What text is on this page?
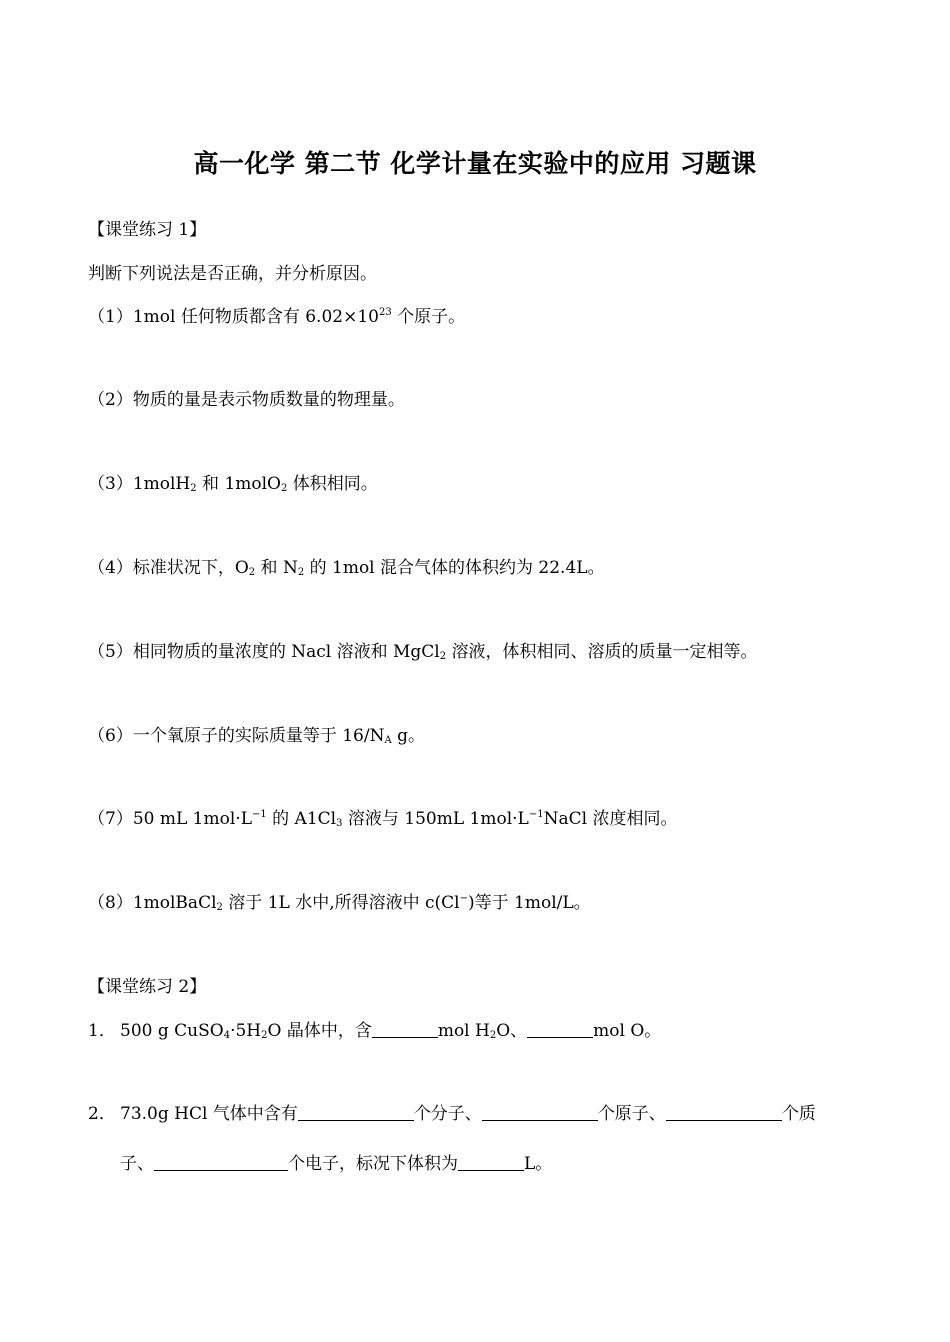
高一化学 第二节 化学计量在实验中的应用 习题课
【课堂练习 1】
判断下列说法是否正确，并分析原因。
（1）1mol 任何物质都含有 $6.02\times 10^{23}$ 个原子。
（2）物质的量是表示物质数量的物理量。
（3）1molH$_2$ 和 1molO$_2$ 体积相同。
（4）标准状况下，$O_2$ 和 $N_2$ 的 1mol 混合气体的体积约为 22.4L。
（5）相同物质的量浓度的 Nacl 溶液和 MgCl$_2$ 溶液，体积相同、溶质的质量一定相等。
（6）一个氧原子的实际质量等于 $16/N_A$ g。
（7）50 mL $1mol\cdot L^{-1}$ 的 $A1Cl_3$ 溶液与 150mL $1mol\cdot L^{-1}NaCl$ 浓度相同。
（8）1molBaCl$_2$ 溶于 1L 水中,所得溶液中 c(Cl−)等于 1mol/L。
【课堂练习 2】
1． 500 g $CuSO_4\cdot 5H_2O$ 晶体中，含	mol $H_2O$、	mol O。
2． 73.0g HCl 气体中含有	个分子、	个原子、	个质
子、	个电子，标况下体积为	L。
